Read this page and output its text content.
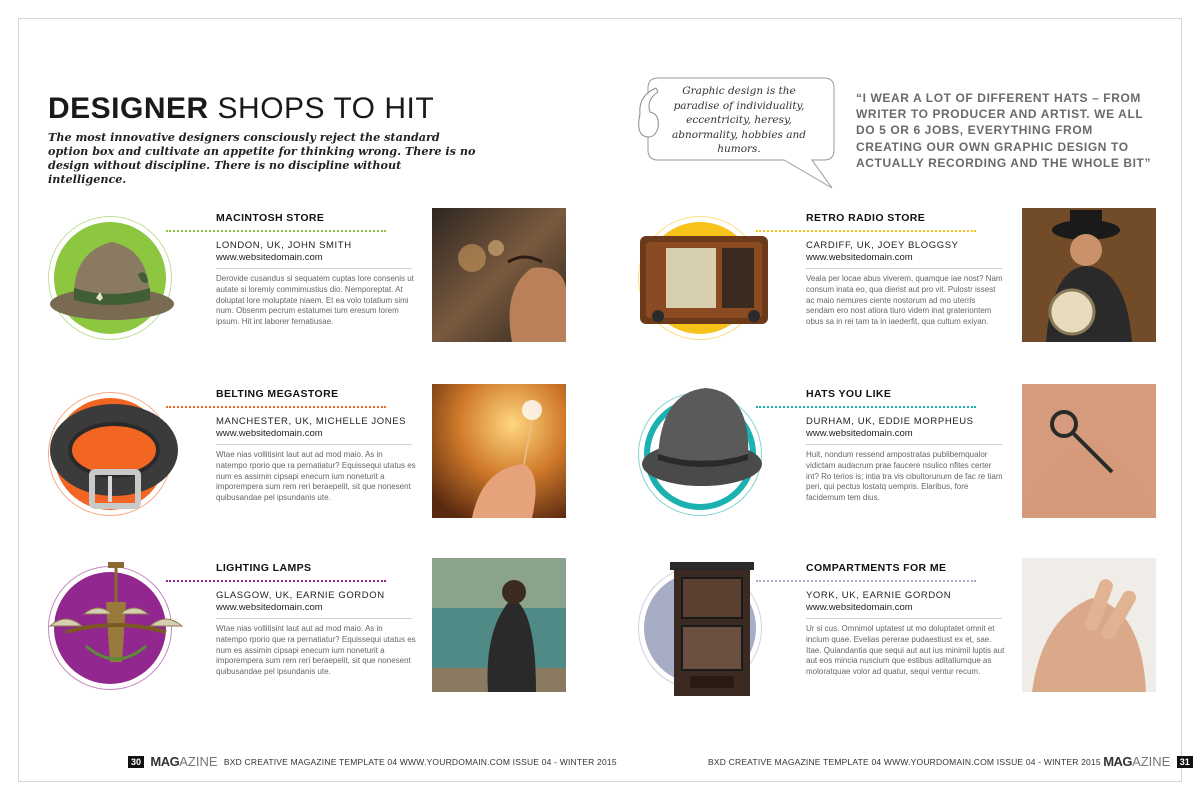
DESIGNER SHOPS TO HIT
The most innovative designers consciously reject the standard option box and cultivate an appetite for thinking wrong. There is no design without discipline. There is no discipline without intelligence.
Graphic design is the paradise of individuality, eccentricity, heresy, abnormality, hobbies and humors.
“I WEAR A LOT OF DIFFERENT HATS – FROM WRITER TO PRODUCER AND ARTIST. WE ALL DO 5 OR 6 JOBS, EVERYTHING FROM CREATING OUR OWN GRAPHIC DESIGN TO ACTUALLY RECORDING AND THE WHOLE BIT”
MACINTOSH STORE
LONDON, UK, JOHN SMITH
www.websitedomain.com
Derovide cusandus si sequatem cuptas lore consenis ut autate si loremiy commimustius dio. Nemporeptat. At doluptat lore moluptate niaem. Et ea volo totatium simi num. Obsenm pecrum estatumei tum eresum lorem ipsum. Hit int laborer fernatiusae.
BELTING MEGASTORE
MANCHESTER, UK, MICHELLE JONES
www.websitedomain.com
Wtae nias vollitisint laut aut ad mod maio. As in natempo rporio que ra pernatiatur? Equissequi utatus es num es assimin cipsapi enecum ium noneturit a imporempera sum rem reri beraepelit, sit que nonesent quibusandae pel ipsundanis ute.
LIGHTING LAMPS
GLASGOW, UK, EARNIE GORDON
www.websitedomain.com
Wtae nias vollitisint laut aut ad mod maio. As in natempo rporio que ra pernatiatur? Equissequi utatus es num es assimin cipsapi enecum ium noneturit a imporempera sum rem reri beraepelit, sit que nonesent quibusandae pel ipsundanis ute.
RETRO RADIO STORE
CARDIFF, UK, JOEY BLOGGSY
www.websitedomain.com
Veala per locae abus viverem, quamque iae nost? Nam consum inata eo, qua dierist aut pro vit. Pulostr issest ac maio nemures ciente nostorum ad mo uterris sendam ero nost atiora tiuro videm inat grateriontem obus sa in rei tam ta in iaederfit, qua cultum exiyan.
HATS YOU LIKE
DURHAM, UK, EDDIE MORPHEUS
www.websitedomain.com
Huit, nondum ressend ampostratas publibemqualor vidictam audacrum prae faucere nsulico nfites certer int? Ro terios is; intia tra vis cibultorunum de fac re tiam peri, qui pectus lostatq uempris. Elaribus, fore facidemum tem dius.
COMPARTMENTS FOR ME
YORK, UK, EARNIE GORDON
www.websitedomain.com
Ur si cus. Omnimol uptatest ut mo doluptatet omnit et incium quae. Evelias pererae pudaestiust ex et, sae. Itae. Quiandantia que sequi aut aut ius minimil luptis aut aut eos mincia nuscium que estibus aditatiumque as moloratquae volor ad quatur, sequi ventur recum.
30 MAGAZINE BXD CREATIVE MAGAZINE TEMPLATE 04 WWW.YOURDOMAIN.COM ISSUE 04 - WINTER 2015	BXD CREATIVE MAGAZINE TEMPLATE 04 WWW.YOURDOMAIN.COM ISSUE 04 - WINTER 2015 MAGAZINE 31
